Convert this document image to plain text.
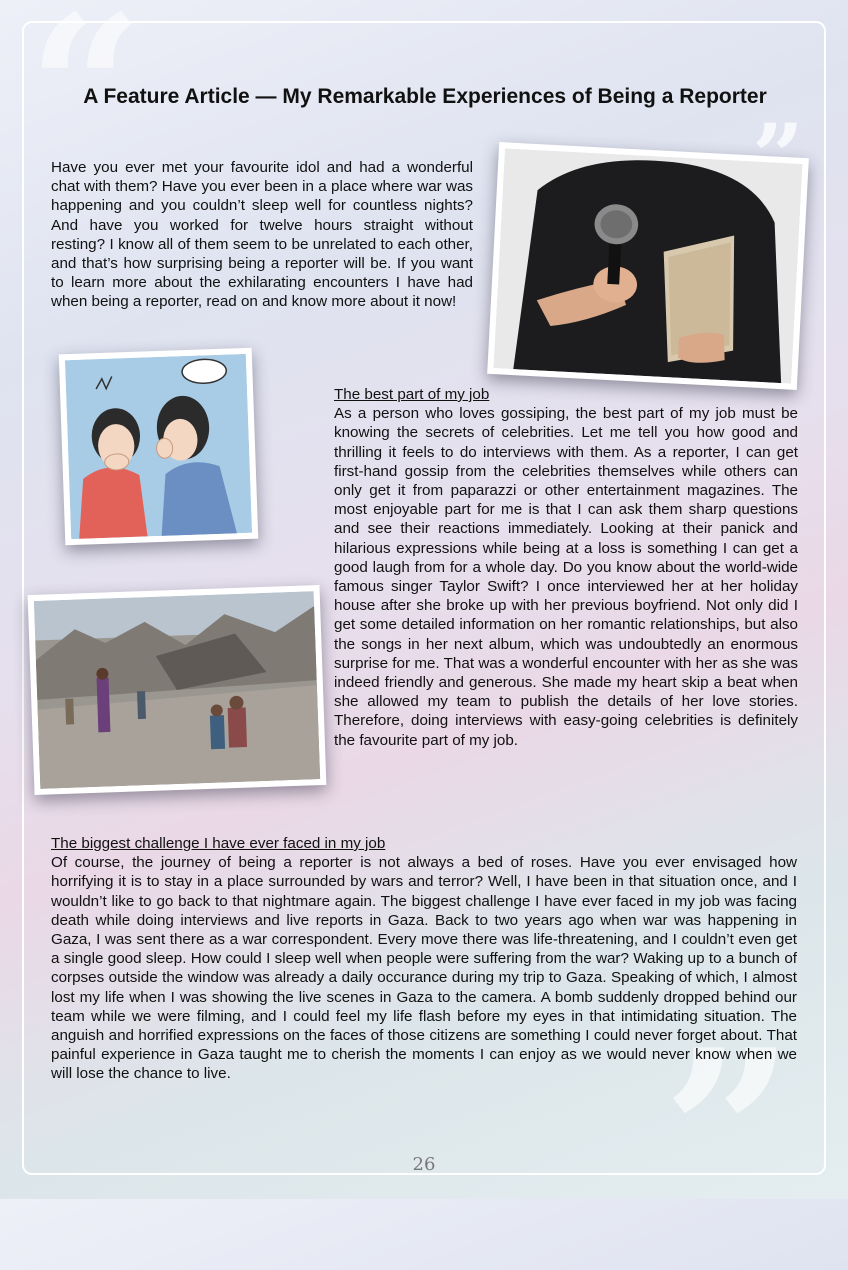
“
”
A Feature Article — My Remarkable Experiences of Being a Reporter

Have you ever met your favourite idol and had a wonderful chat with them? Have you ever been in a place where war was happening and you couldn’t sleep well for countless nights? And have you worked for twelve hours straight without resting? I know all of them seem to be unrelated to each other, and that’s how surprising being a reporter will be. If you want to learn more about the exhilarating encounters I have had when being a reporter, read on and know more about it now!

The best part of my job
As a person who loves gossiping, the best part of my job must be knowing the secrets of celebrities. Let me tell you how good and thrilling it feels to do interviews with them. As a reporter, I can get first-hand gossip from the celebrities themselves while others can only get it from paparazzi or other entertainment magazines. The most enjoyable part for me is that I can ask them sharp questions and see their reactions immediately. Looking at their panick and hilarious expressions while being at a loss is something I can get a good laugh from for a whole day. Do you know about the world-wide famous singer Taylor Swift? I once interviewed her at her holiday house after she broke up with her previous boyfriend. Not only did I get some detailed information on her romantic relationships, but also the songs in her next album, which was undoubtedly an enormous surprise for me. That was a wonderful encounter with her as she was indeed friendly and generous. She made my heart skip a beat when she allowed my team to publish the details of her love stories. Therefore, doing interviews with easy-going celebrities is definitely the favourite part of my job.
The biggest challenge I have ever faced in my job
Of course, the journey of being a reporter is not always a bed of roses. Have you ever envisaged how horrifying it is to stay in a place surrounded by wars and terror? Well, I have been in that situation once, and I wouldn’t like to go back to that nightmare again. The biggest challenge I have ever faced in my job was facing death while doing interviews and live reports in Gaza. Back to two years ago when war was happening in Gaza, I was sent there as a war correspondent. Every move there was life-threatening, and I couldn’t even get a single good sleep. How could I sleep well when people were suffering from the war? Waking up to a bunch of corpses outside the window was already a daily occurance during my trip to Gaza. Speaking of which, I almost lost my life when I was showing the live scenes in Gaza to the camera. A bomb suddenly dropped behind our team while we were filming, and I could feel my life flash before my eyes in that intimidating situation. The anguish and horrified expressions on the faces of those citizens are something I could never forget about. That painful experience in Gaza taught me to cherish the moments I can enjoy as we would never know when we will lose the chance to live.
26
